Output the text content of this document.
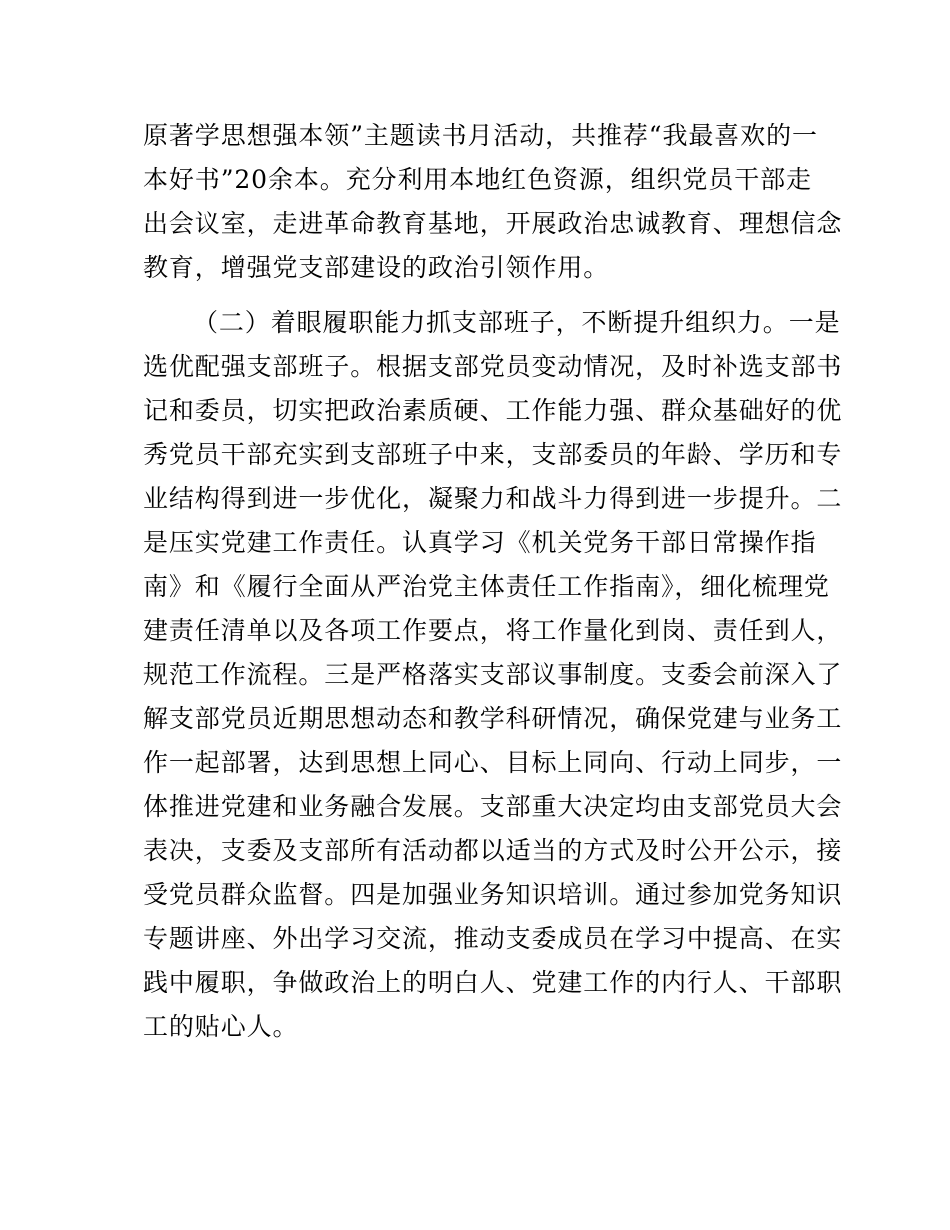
原著学思想强本领”主题读书月活动，共推荐“我最喜欢的一
本好书”20余本。充分利用本地红色资源，组织党员干部走
出会议室，走进革命教育基地，开展政治忠诚教育、理想信念
教育，增强党支部建设的政治引领作用。
（二）着眼履职能力抓支部班子，不断提升组织力。一是
选优配强支部班子。根据支部党员变动情况，及时补选支部书
记和委员，切实把政治素质硬、工作能力强、群众基础好的优
秀党员干部充实到支部班子中来，支部委员的年龄、学历和专
业结构得到进一步优化，凝聚力和战斗力得到进一步提升。二
是压实党建工作责任。认真学习《机关党务干部日常操作指
南》和《履行全面从严治党主体责任工作指南》，细化梳理党
建责任清单以及各项工作要点，将工作量化到岗、责任到人，
规范工作流程。三是严格落实支部议事制度。支委会前深入了
解支部党员近期思想动态和教学科研情况，确保党建与业务工
作一起部署，达到思想上同心、目标上同向、行动上同步，一
体推进党建和业务融合发展。支部重大决定均由支部党员大会
表决，支委及支部所有活动都以适当的方式及时公开公示，接
受党员群众监督。四是加强业务知识培训。通过参加党务知识
专题讲座、外出学习交流，推动支委成员在学习中提高、在实
践中履职，争做政治上的明白人、党建工作的内行人、干部职
工的贴心人。
